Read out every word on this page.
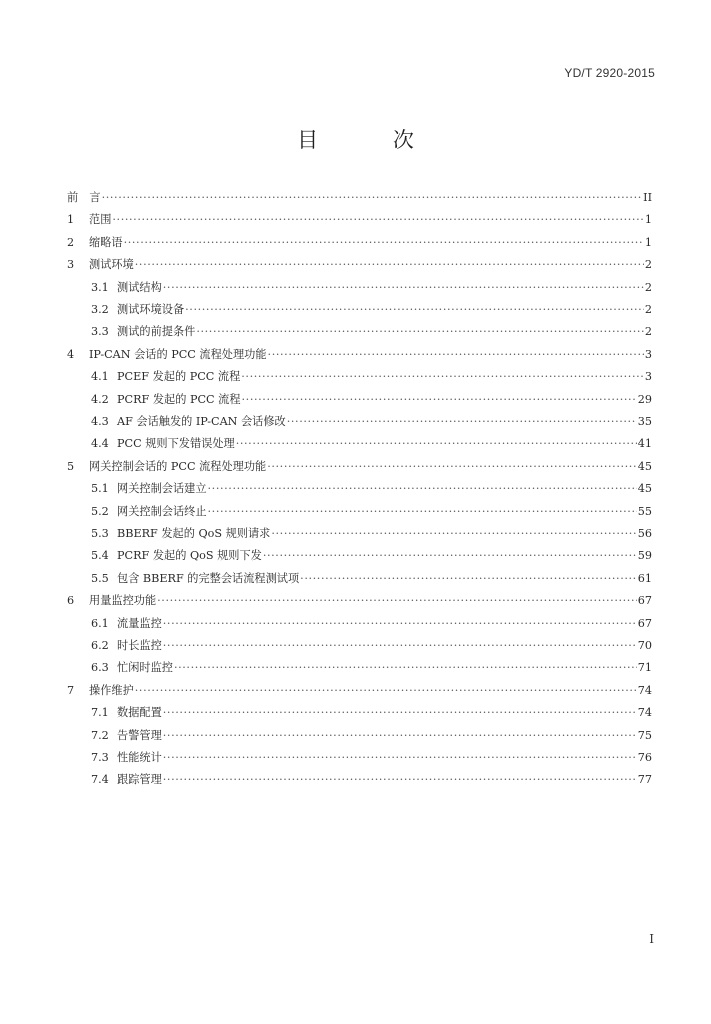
YD/T 2920-2015
目 次
前　言 ·····	II
1	范围 ·····	1
2	缩略语 ·····	1
3	测试环境 ·····	2
3.1 测试结构 ·····	2
3.2 测试环境设备 ·····	2
3.3 测试的前提条件 ·····	2
4	IP-CAN 会话的 PCC 流程处理功能 ·····	3
4.1 PCEF 发起的 PCC 流程 ·····	3
4.2 PCRF 发起的 PCC 流程 ·····	29
4.3 AF 会话触发的 IP-CAN 会话修改 ·····	35
4.4 PCC 规则下发错误处理 ·····	41
5	网关控制会话的 PCC 流程处理功能 ·····	45
5.1 网关控制会话建立 ·····	45
5.2 网关控制会话终止 ·····	55
5.3 BBERF 发起的 QoS 规则请求 ·····	56
5.4 PCRF 发起的 QoS 规则下发 ·····	59
5.5 包含 BBERF 的完整会话流程测试项 ·····	61
6	用量监控功能 ·····	67
6.1 流量监控 ·····	67
6.2 时长监控 ·····	70
6.3 忙闲时监控 ·····	71
7	操作维护 ·····	74
7.1 数据配置 ·····	74
7.2 告警管理 ·····	75
7.3 性能统计 ·····	76
7.4 跟踪管理 ·····	77
I
